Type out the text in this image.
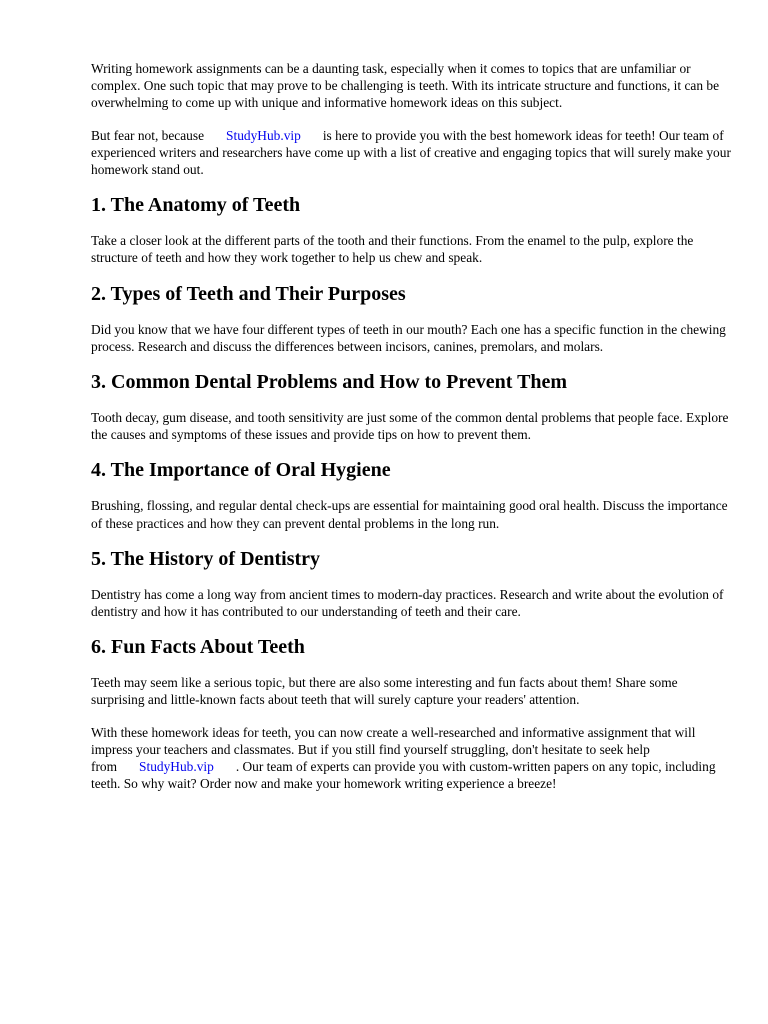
Writing homework assignments can be a daunting task, especially when it comes to topics that are unfamiliar or complex. One such topic that may prove to be challenging is teeth. With its intricate structure and functions, it can be overwhelming to come up with unique and informative homework ideas on this subject.

But fear not, because StudyHub.vip is here to provide you with the best homework ideas for teeth! Our team of experienced writers and researchers have come up with a list of creative and engaging topics that will surely make your homework stand out.

1. The Anatomy of Teeth

Take a closer look at the different parts of the tooth and their functions. From the enamel to the pulp, explore the structure of teeth and how they work together to help us chew and speak.

2. Types of Teeth and Their Purposes

Did you know that we have four different types of teeth in our mouth? Each one has a specific function in the chewing process. Research and discuss the differences between incisors, canines, premolars, and molars.

3. Common Dental Problems and How to Prevent Them

Tooth decay, gum disease, and tooth sensitivity are just some of the common dental problems that people face. Explore the causes and symptoms of these issues and provide tips on how to prevent them.

4. The Importance of Oral Hygiene

Brushing, flossing, and regular dental check-ups are essential for maintaining good oral health. Discuss the importance of these practices and how they can prevent dental problems in the long run.

5. The History of Dentistry

Dentistry has come a long way from ancient times to modern-day practices. Research and write about the evolution of dentistry and how it has contributed to our understanding of teeth and their care.

6. Fun Facts About Teeth

Teeth may seem like a serious topic, but there are also some interesting and fun facts about them! Share some surprising and little-known facts about teeth that will surely capture your readers' attention.

With these homework ideas for teeth, you can now create a well-researched and informative assignment that will impress your teachers and classmates. But if you still find yourself struggling, don't hesitate to seek help from StudyHub.vip . Our team of experts can provide you with custom-written papers on any topic, including teeth. So why wait? Order now and make your homework writing experience a breeze!
